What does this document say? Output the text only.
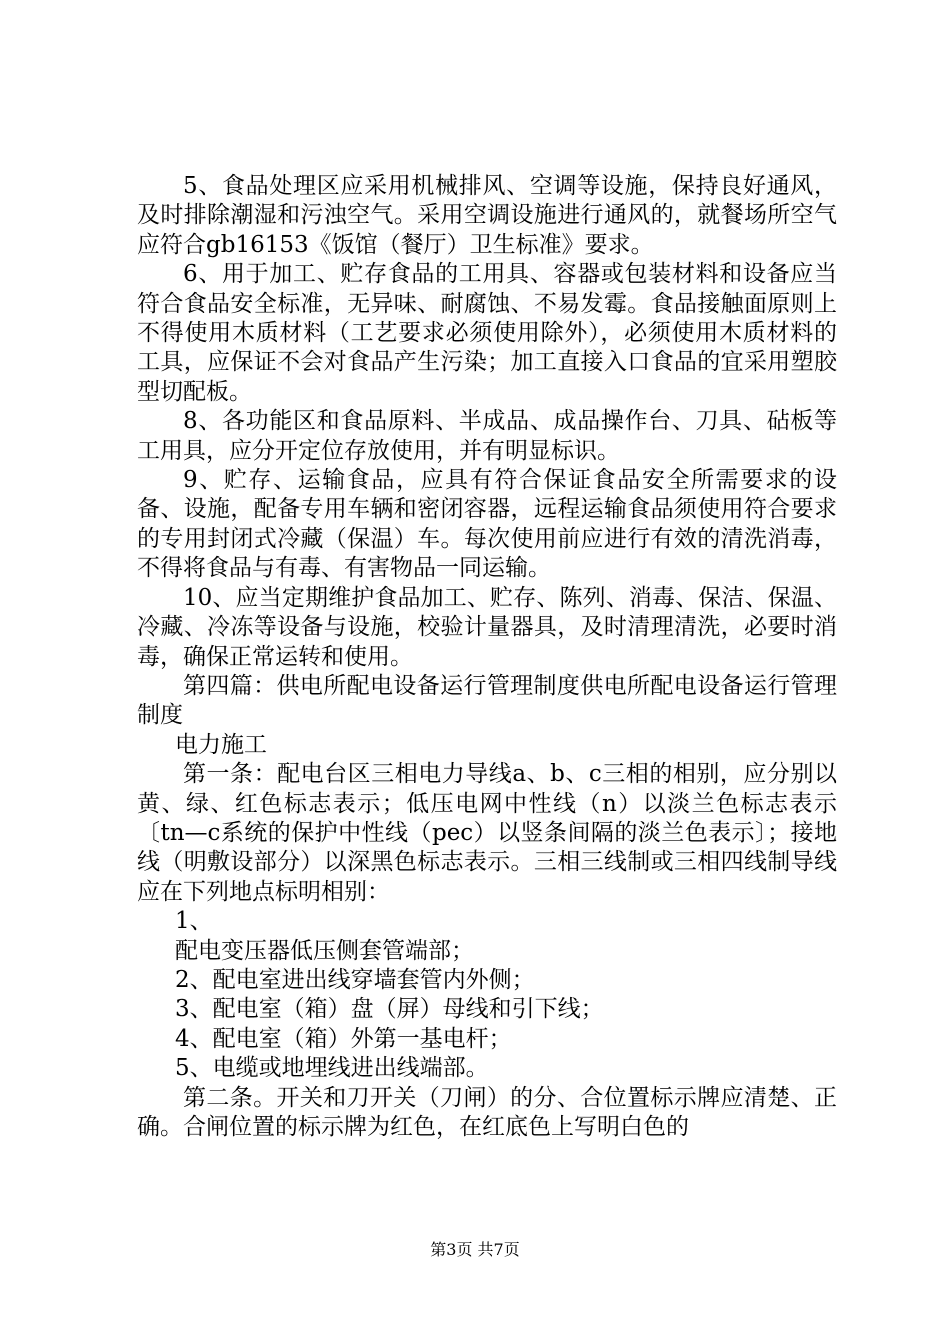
5、食品处理区应采用机械排风、空调等设施，保持良好通风，及时排除潮湿和污浊空气。采用空调设施进行通风的，就餐场所空气应符合gb16153《饭馆（餐厅）卫生标准》要求。

6、用于加工、贮存食品的工用具、容器或包装材料和设备应当符合食品安全标准，无异味、耐腐蚀、不易发霉。食品接触面原则上不得使用木质材料（工艺要求必须使用除外），必须使用木质材料的工具，应保证不会对食品产生污染；加工直接入口食品的宜采用塑胶型切配板。

8、各功能区和食品原料、半成品、成品操作台、刀具、砧板等工用具，应分开定位存放使用，并有明显标识。

9、贮存、运输食品，应具有符合保证食品安全所需要求的设备、设施，配备专用车辆和密闭容器，远程运输食品须使用符合要求的专用封闭式冷藏（保温）车。每次使用前应进行有效的清洗消毒，不得将食品与有毒、有害物品一同运输。

10、应当定期维护食品加工、贮存、陈列、消毒、保洁、保温、冷藏、冷冻等设备与设施，校验计量器具，及时清理清洗，必要时消毒，确保正常运转和使用。

第四篇：供电所配电设备运行管理制度供电所配电设备运行管理制度

电力施工

第一条：配电台区三相电力导线a、b、c三相的相别，应分别以黄、绿、红色标志表示；低压电网中性线（n）以淡兰色标志表示〔tn—c系统的保护中性线（pec）以竖条间隔的淡兰色表示〕；接地线（明敷设部分）以深黑色标志表示。三相三线制或三相四线制导线应在下列地点标明相别：

1、

配电变压器低压侧套管端部；

2、配电室进出线穿墙套管内外侧；

3、配电室（箱）盘（屏）母线和引下线；

4、配电室（箱）外第一基电杆；

5、电缆或地埋线进出线端部。

第二条。开关和刀开关（刀闸）的分、合位置标示牌应清楚、正确。合闸位置的标示牌为红色，在红底色上写明白色的

第3页 共7页
